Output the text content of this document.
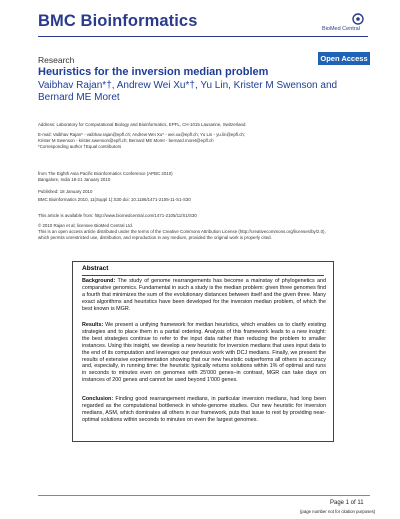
BMC Bioinformatics	BioMed Central
Research	Open Access
Heuristics for the inversion median problem
Vaibhav Rajan*†, Andrew Wei Xu*†, Yu Lin, Krister M Swenson and Bernard ME Moret
Address: Laboratory for Computational Biology and Bioinformatics, EPFL, CH-1015 Lausanne, Switzerland
E-mail: Vaibhav Rajan* - vaibhav.rajan@epfl.ch; Andrew Wei Xu* - wei.xu@epfl.ch; Yu Lin - yu.lin@epfl.ch;
Krister M Swenson - krister.swenson@epfl.ch; Bernard ME Moret - bernard.moret@epfl.ch
*Corresponding author †Equal contributors
from The Eighth Asia Pacific Bioinformatics Conference (APBC 2010)
Bangalore, India 18-21 January 2010
Published: 18 January 2010
BMC Bioinformatics 2010, 11(Suppl 1):S30 doi: 10.1186/1471-2105-11-S1-S30
This article is available from: http://www.biomedcentral.com/1471-2105/11/S1/S30
© 2010 Rajan et al; licensee BioMed Central Ltd.
This is an open access article distributed under the terms of the Creative Commons Attribution License (http://creativecommons.org/licenses/by/2.0),
which permits unrestricted use, distribution, and reproduction in any medium, provided the original work is properly cited.
Abstract
Background: The study of genome rearrangements has become a mainstay of phylogenetics and comparative genomics. Fundamental in such a study is the median problem: given three genomes find a fourth that minimizes the sum of the evolutionary distances between itself and the given three. Many exact algorithms and heuristics have been developed for the inversion median problem, of which the best known is MGR.
Results: We present a unifying framework for median heuristics, which enables us to clarify existing strategies and to place them in a partial ordering. Analysis of this framework leads to a new insight: the best strategies continue to refer to the input data rather than reducing the problem to smaller instances. Using this insight, we develop a new heuristic for inversion medians that uses input data to the end of its computation and leverages our previous work with DCJ medians. Finally, we present the results of extensive experimentation showing that our new heuristic outperforms all others in accuracy and, especially, in running time: the heuristic typically returns solutions within 1% of optimal and runs in seconds to minutes even on genomes with 25'000 genes–in contrast, MGR can take days on instances of 200 genes and cannot be used beyond 1'000 genes.
Conclusion: Finding good rearrangement medians, in particular inversion medians, had long been regarded as the computational bottleneck in whole-genome studies. Our new heuristic for inversion medians, ASM, which dominates all others in our framework, puts that issue to rest by providing near-optimal solutions within seconds to minutes on even the largest genomes.
Page 1 of 11
(page number not for citation purposes)
